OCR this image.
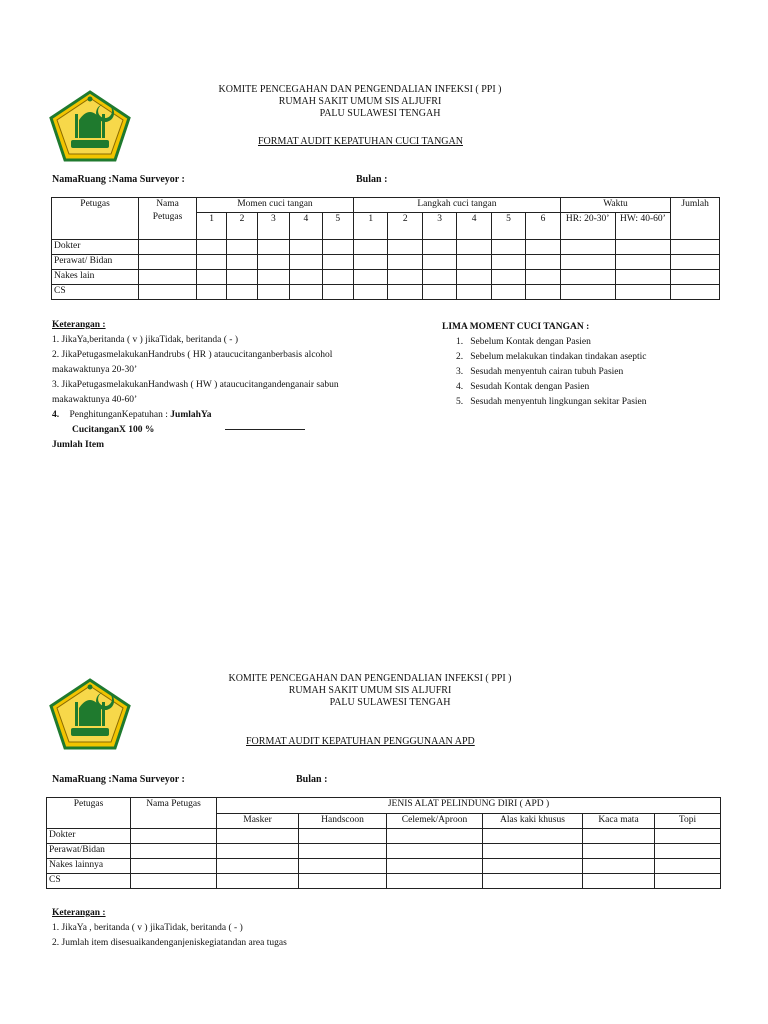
KOMITE PENCEGAHAN DAN PENGENDALIAN INFEKSI ( PPI )
RUMAH SAKIT UMUM SIS ALJUFRI
PALU SULAWESI TENGAH
FORMAT AUDIT KEPATUHAN CUCI TANGAN
NamaRuang :Nama Surveyor :	Bulan :
Petugas	Nama Petugas	Momen cuci tangan					Langkah cuci tangan						Waktu		Jumlah
		1	2	3	4	5	1	2	3	4	5	6	HR: 20-30’	HW: 40-60’	
Dokter															
Perawat/ Bidan															
Nakes lain															
CS															
Keterangan :
1. JikaYa,beritanda ( v ) jikaTidak, beritanda ( - )
2. JikaPetugasmelakukanHandrubs ( HR ) ataucucitanganberbasis alcohol
makawaktunya 20-30’
3. JikaPetugasmelakukanHandwash ( HW ) ataucucitangandenganair sabun
makawaktunya 40-60’
4. PenghitunganKepatuhan : JumlahYa
CucitanganX 100 %
Jumlah Item
LIMA MOMENT CUCI TANGAN :
1. Sebelum Kontak dengan Pasien
2. Sebelum melakukan tindakan tindakan aseptic
3. Sesudah menyentuh cairan tubuh Pasien
4. Sesudah Kontak dengan Pasien
5. Sesudah menyentuh lingkungan sekitar Pasien
KOMITE PENCEGAHAN DAN PENGENDALIAN INFEKSI ( PPI )
RUMAH SAKIT UMUM SIS ALJUFRI
PALU SULAWESI TENGAH
FORMAT AUDIT KEPATUHAN PENGGUNAAN APD
NamaRuang :Nama Surveyor :	Bulan :
Petugas	Nama Petugas	JENIS ALAT PELINDUNG DIRI ( APD )					
		Masker	Handscoon	Celemek/Aproon	Alas kaki khusus	Kaca mata	Topi
Dokter							
Perawat/Bidan							
Nakes lainnya							
CS							
Keterangan :
1. JikaYa , beritanda ( v ) jikaTidak, beritanda ( - )
2. Jumlah item disesuaikandenganjeniskegiatandan area tugas
